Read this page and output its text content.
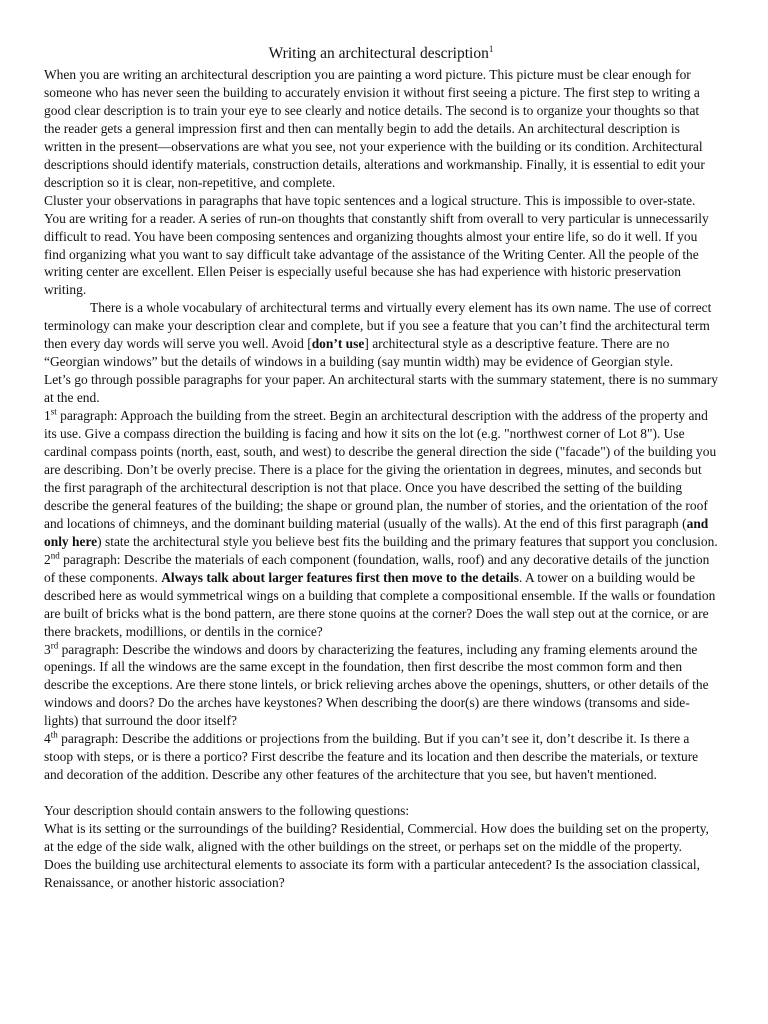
Writing an architectural description$^1$

When you are writing an architectural description you are painting a word picture. This picture must be clear enough for someone who has never seen the building to accurately envision it without first seeing a picture. The first step to writing a good clear description is to train your eye to see clearly and notice details. The second is to organize your thoughts so that the reader gets a general impression first and then can mentally begin to add the details. An architectural description is written in the present—observations are what you see, not your experience with the building or its condition. Architectural descriptions should identify materials, construction details, alterations and workmanship. Finally, it is essential to edit your description so it is clear, non-repetitive, and complete.

Cluster your observations in paragraphs that have topic sentences and a logical structure. This is impossible to over-state. You are writing for a reader. A series of run-on thoughts that constantly shift from overall to very particular is unnecessarily difficult to read. You have been composing sentences and organizing thoughts almost your entire life, so do it well. If you find organizing what you want to say difficult take advantage of the assistance of the Writing Center. All the people of the writing center are excellent. Ellen Peiser is especially useful because she has had experience with historic preservation writing.

There is a whole vocabulary of architectural terms and virtually every element has its own name. The use of correct terminology can make your description clear and complete, but if you see a feature that you can’t find the architectural term then every day words will serve you well. Avoid [don’t use] architectural style as a descriptive feature. There are no “Georgian windows” but the details of windows in a building (say muntin width) may be evidence of Georgian style.

Let’s go through possible paragraphs for your paper. An architectural starts with the summary statement, there is no summary at the end.

1st paragraph: Approach the building from the street. Begin an architectural description with the address of the property and its use. Give a compass direction the building is facing and how it sits on the lot (e.g. "northwest corner of Lot 8"). Use cardinal compass points (north, east, south, and west) to describe the general direction the side ("facade") of the building you are describing. Don’t be overly precise. There is a place for the giving the orientation in degrees, minutes, and seconds but the first paragraph of the architectural description is not that place. Once you have described the setting of the building describe the general features of the building; the shape or ground plan, the number of stories, and the orientation of the roof and locations of chimneys, and the dominant building material (usually of the walls). At the end of this first paragraph (and only here) state the architectural style you believe best fits the building and the primary features that support you conclusion.

2nd paragraph: Describe the materials of each component (foundation, walls, roof) and any decorative details of the junction of these components. Always talk about larger features first then move to the details. A tower on a building would be described here as would symmetrical wings on a building that complete a compositional ensemble. If the walls or foundation are built of bricks what is the bond pattern, are there stone quoins at the corner? Does the wall step out at the cornice, or are there brackets, modillions, or dentils in the cornice?

3rd paragraph: Describe the windows and doors by characterizing the features, including any framing elements around the openings. If all the windows are the same except in the foundation, then first describe the most common form and then describe the exceptions. Are there stone lintels, or brick relieving arches above the openings, shutters, or other details of the windows and doors? Do the arches have keystones? When describing the door(s) are there windows (transoms and side-lights) that surround the door itself?

4th paragraph: Describe the additions or projections from the building. But if you can’t see it, don’t describe it. Is there a stoop with steps, or is there a portico? First describe the feature and its location and then describe the materials, or texture and decoration of the addition. Describe any other features of the architecture that you see, but haven't mentioned.

Your description should contain answers to the following questions:

What is its setting or the surroundings of the building? Residential, Commercial. How does the building set on the property, at the edge of the side walk, aligned with the other buildings on the street, or perhaps set on the middle of the property.

Does the building use architectural elements to associate its form with a particular antecedent? Is the association classical, Renaissance, or another historic association?
